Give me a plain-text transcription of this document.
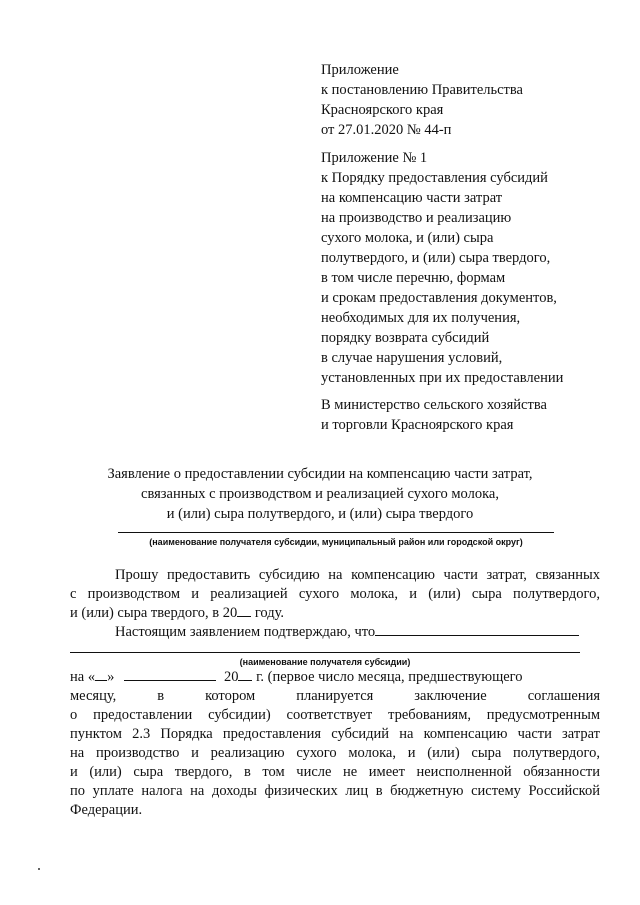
Приложение
к постановлению Правительства
Красноярского края
от 27.01.2020 № 44-п
Приложение № 1
к Порядку предоставления субсидий
на компенсацию части затрат
на производство и реализацию
сухого молока, и (или) сыра
полутвердого, и (или) сыра твердого,
в том числе перечню, формам
и срокам предоставления документов,
необходимых для их получения,
порядку возврата субсидий
в случае нарушения условий,
установленных при их предоставлении
В министерство сельского хозяйства
и торговли Красноярского края
Заявление о предоставлении субсидии на компенсацию части затрат,
связанных с производством и реализацией сухого молока,
и (или) сыра полутвердого, и (или) сыра твердого
(наименование получателя субсидии, муниципальный район или городской округ)
Прошу предоставить субсидию на компенсацию части затрат, связанных
с производством и реализацией сухого молока, и (или) сыра полутвердого,
и (или) сыра твердого, в 20 году.
Настоящим заявлением подтверждаю, что
(наименование получателя субсидии)
на « »	20 г. (первое число месяца, предшествующего
месяцу,	в	котором	планируется	заключение	соглашения
о предоставлении субсидии) соответствует требованиям, предусмотренным
пунктом 2.3 Порядка предоставления субсидий на компенсацию части затрат
на производство и реализацию сухого молока, и (или) сыра полутвердого,
и (или) сыра твердого, в том числе не имеет неисполненной обязанности
по уплате налога на доходы физических лиц в бюджетную систему Российской
Федерации.
